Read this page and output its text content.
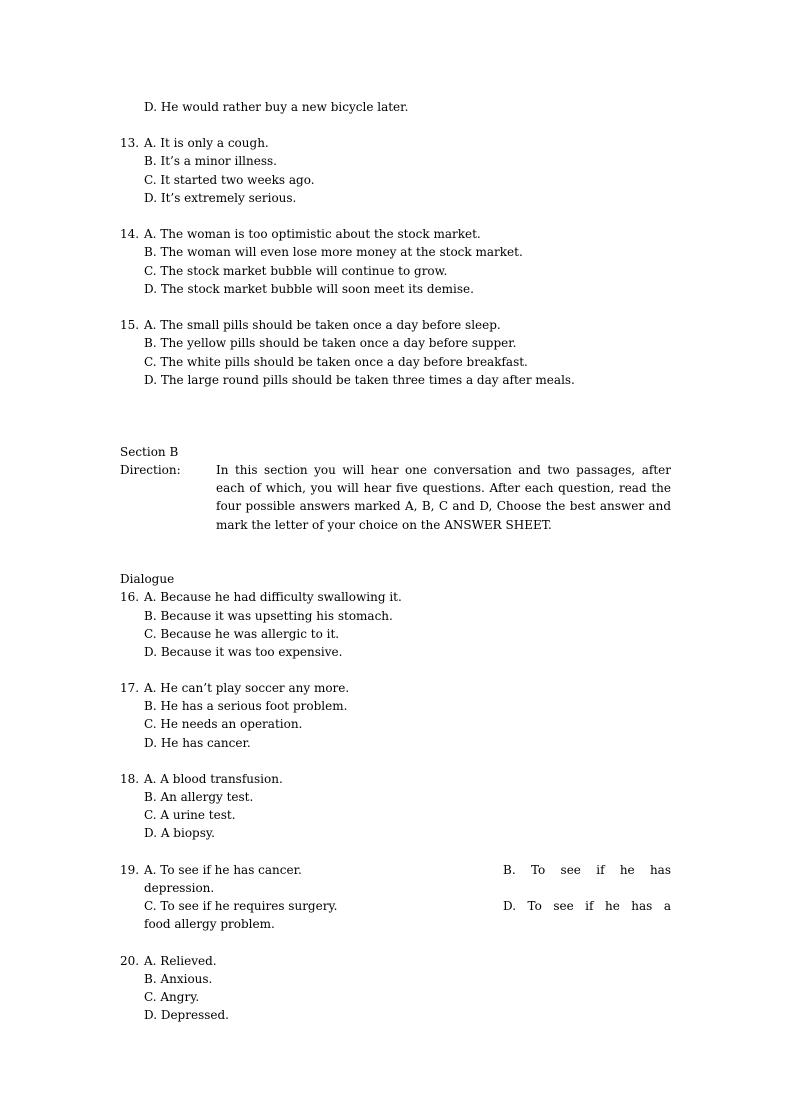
D. He would rather buy a new bicycle later.
13. A. It is only a cough.
B. It’s a minor illness.
C. It started two weeks ago.
D. It’s extremely serious.
14. A. The woman is too optimistic about the stock market.
B. The woman will even lose more money at the stock market.
C. The stock market bubble will continue to grow.
D. The stock market bubble will soon meet its demise.
15. A. The small pills should be taken once a day before sleep.
B. The yellow pills should be taken once a day before supper.
C. The white pills should be taken once a day before breakfast.
D. The large round pills should be taken three times a day after meals.
Section B
Direction:	In this section you will hear one conversation and two passages, after each of which, you will hear five questions. After each question, read the four possible answers marked A, B, C and D, Choose the best answer and mark the letter of your choice on the ANSWER SHEET.
Dialogue
16. A. Because he had difficulty swallowing it.
B. Because it was upsetting his stomach.
C. Because he was allergic to it.
D. Because it was too expensive.
17. A. He can’t play soccer any more.
B. He has a serious foot problem.
C. He needs an operation.
D. He has cancer.
18. A. A blood transfusion.
B. An allergy test.
C. A urine test.
D. A biopsy.
19. A. To see if he has cancer.	B. To see if he has
depression.
C. To see if he requires surgery.	D. To see if he has a
food allergy problem.
20. A. Relieved.
B. Anxious.
C. Angry.
D. Depressed.
